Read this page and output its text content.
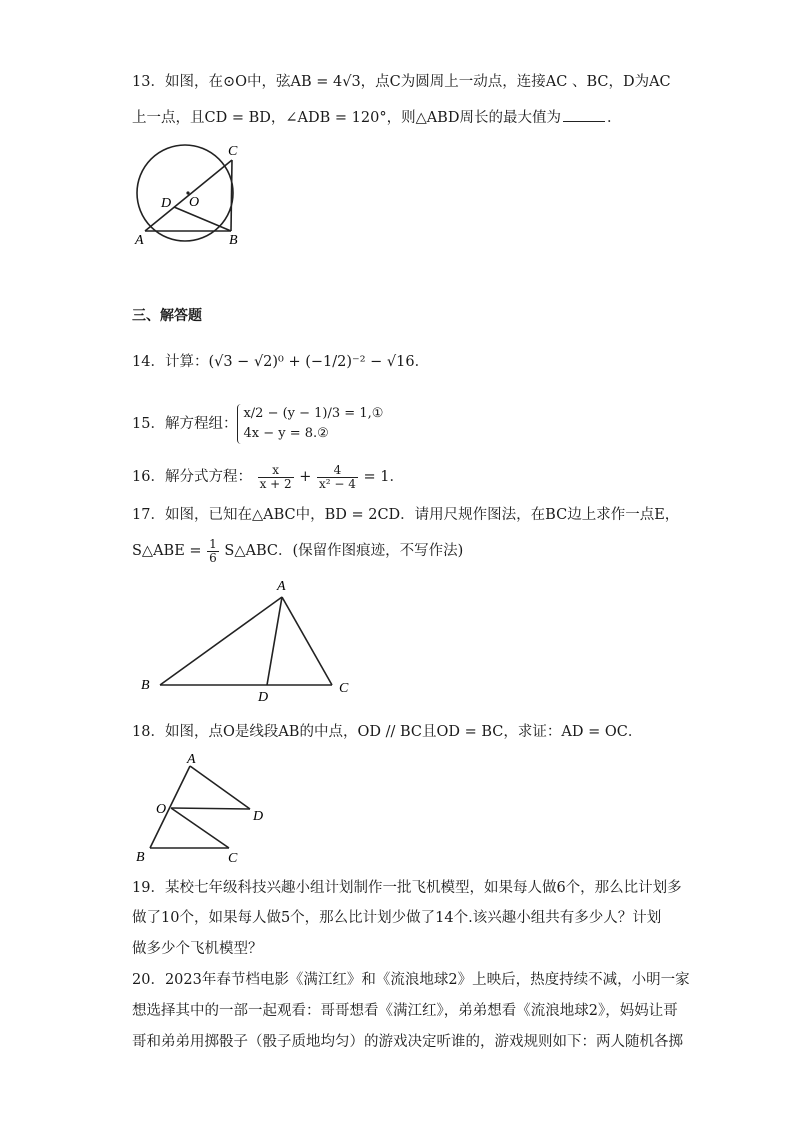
13．如图，在⊙O中，弦AB = 4√3，点C为圆周上一动点，连接AC 、BC，D为AC
上一点，且CD = BD，∠ADB = 120°，则△ABD周长的最大值为	．
C
D O
A	B
三、解答题
14．计算：(√3 − √2)⁰ + (−1/2)⁻² − √16．
15．解方程组：
x/2 − (y − 1)/3 = 1,①
4x − y = 8.②
16．解分式方程： $\frac{x}{x + 2} + \frac{4}{\text{x² − 4}} = 1$．
17．如图，已知在△ABC中，BD = 2CD．请用尺规作图法，在BC边上求作一点E，
S△ABE = $\frac{1}{6}$ S△ABC．(保留作图痕迹，不写作法)
A
B
D
C
18．如图，点O是线段AB的中点，OD // BC且OD = BC，求证：AD = OC．
A
O	D
B	C
19．某校七年级科技兴趣小组计划制作一批飞机模型，如果每人做6个，那么比计划多
做了10个，如果每人做5个，那么比计划少做了14个.该兴趣小组共有多少人？计划
做多少个飞机模型？
20．2023年春节档电影《满江红》和《流浪地球2》上映后，热度持续不减，小明一家
想选择其中的一部一起观看：哥哥想看《满江红》，弟弟想看《流浪地球2》，妈妈让哥
哥和弟弟用掷骰子（骰子质地均匀）的游戏决定听谁的，游戏规则如下：两人随机各掷
